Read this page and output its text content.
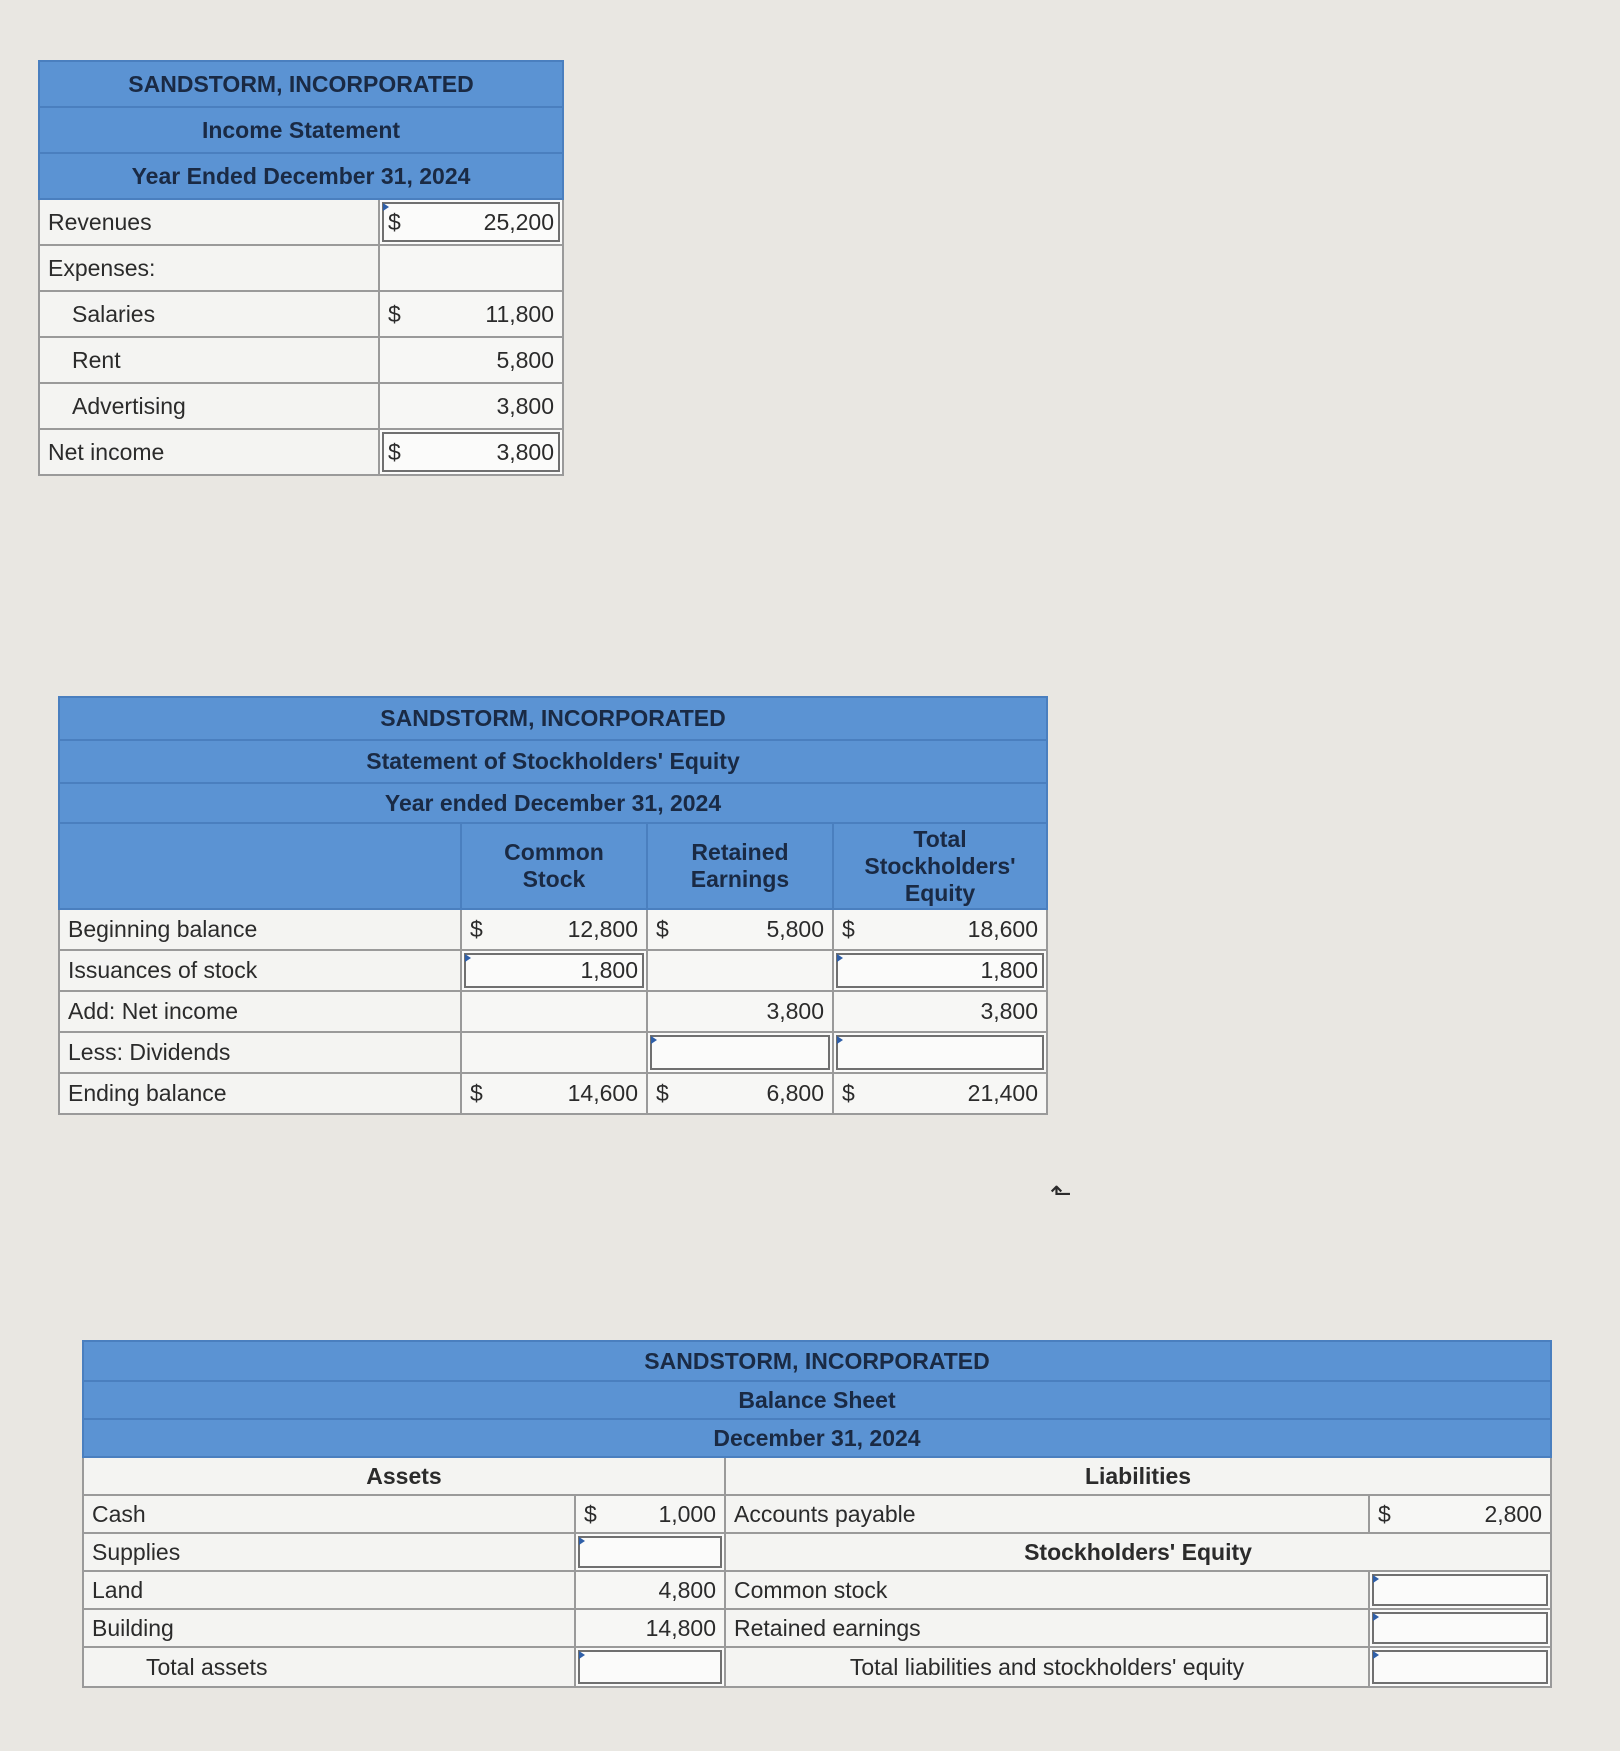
SANDSTORM, INCORPORATED	
Income Statement	
Year Ended December 31, 2024	
Revenues	$ 25,200

Expenses:	
Salaries	$ 11,800

Rent	5,800
Advertising	3,800
Net income	$ 3,800
SANDSTORM, INCORPORATED			
Statement of Stockholders' Equity			
Year ended December 31, 2024			
	Common Stock	Retained Earnings	Total Stockholders' Equity
Beginning balance	$ 12,800	$ 5,800	$ 18,600

Issuances of stock	1,800		1,800
Add: Net income		3,800	3,800
Less: Dividends			
Ending balance	$ 14,600	$ 6,800	$ 21,400
SANDSTORM, INCORPORATED			
Balance Sheet			
December 31, 2024			
Assets		Liabilities	
Cash	$ 1,000	Accounts payable	$ 2,800

Supplies		Stockholders' Equity	
Land	4,800	Common stock	
Building	14,800	Retained earnings	
Total assets		Total liabilities and stockholders' equity	
⬑
